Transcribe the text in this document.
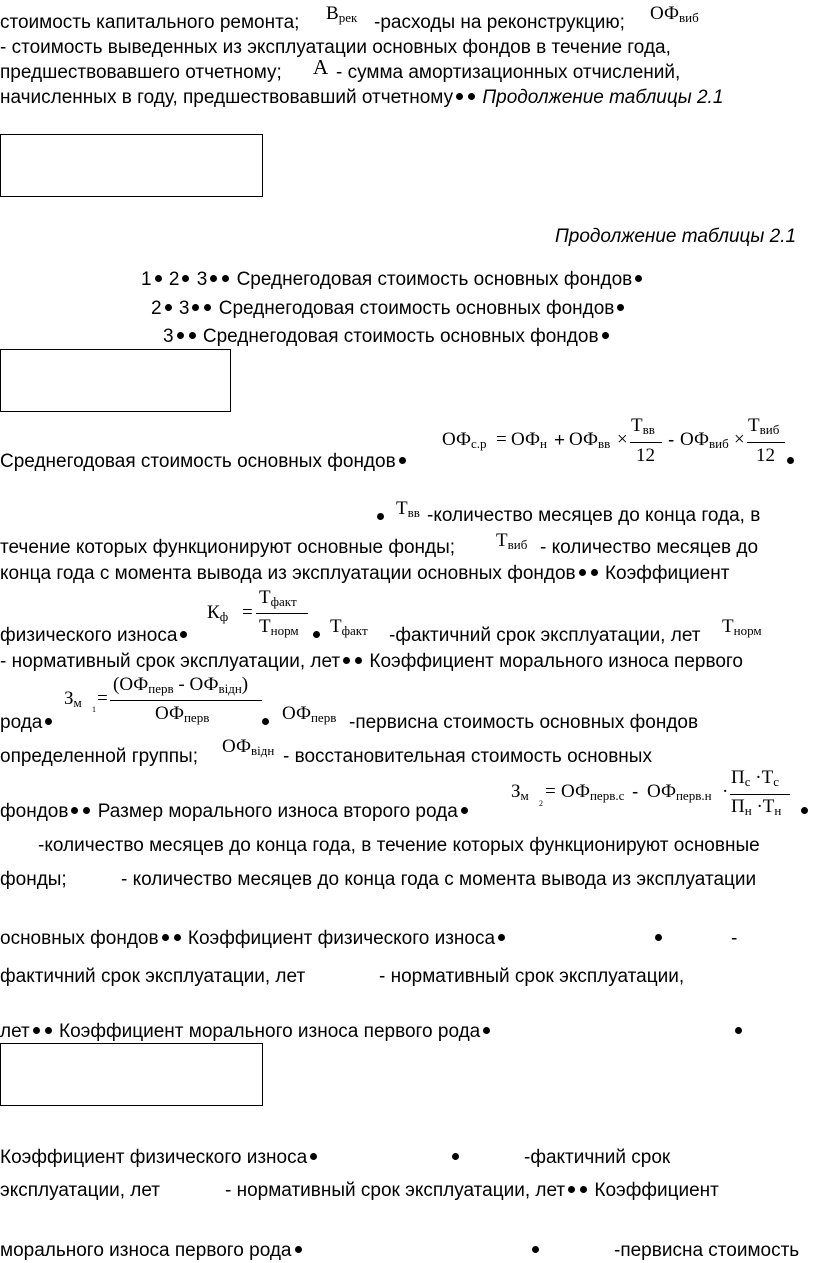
стоимость капитального ремонта; $В_{рек}$ -расходы на реконструкцию; $ОФ_{виб}$
- стоимость выведенных из эксплуатации основных фондов в течение года,
предшествовавшего отчетному; А - сумма амортизационных отчислений,
начисленных в году, предшествовавший отчетному Продолжение таблицы 2.1
Продолжение таблицы 2.1
1 2 3 Среднегодовая стоимость основных фондов
2 3 Среднегодовая стоимость основных фондов
3 Среднегодовая стоимость основных фондов
Среднегодовая стоимость основных фондов
$ОФ_{с.р} = ОФ_н + ОФ_{вв}$ ×
$Т_{вв}$
12
- $ОФ_{виб}$ ×
$Т_{виб}$
12
$Т_{вв}$ -количество месяцев до конца года, в
течение которых функционируют основные фонды; $Т_{виб}$ - количество месяцев до
конца года с момента вывода из эксплуатации основных фондов Коэффициент
физического износа
$К_ф$ =
$Т_{факт}$
$Т_{норм}$ $Т_{факт}$ -фактичний срок эксплуатации, лет $Т_{норм}$
- нормативный срок эксплуатации, лет Коэффициент морального износа первого
рода
$З_м$ 1
=
$(ОФ_{перв} - ОФ_{відн})$
$ОФ_{перв}$	$ОФ_{перв}$ -первисна стоимость основных фондов
определенной группы; $ОФ_{відн}$ - восстановительная стоимость основных
фондов Размер морального износа второго рода
$З_м$
2
= $ОФ_{перв.с} - ОФ_{перв.н}$ ·
$П_с \cdot Т_с$
$П_н \cdot Т_н$
-количество месяцев до конца года, в течение которых функционируют основные
фонды;	- количество месяцев до конца года с момента вывода из эксплуатации
основных фондов Коэффициент физического износа	-
фактичний срок эксплуатации, лет	- нормативный срок эксплуатации,
лет Коэффициент морального износа первого рода
Коэффициент физического износа	-фактичний срок
эксплуатации, лет	- нормативный срок эксплуатации, лет Коэффициент
морального износа первого рода	-первисна стоимость
